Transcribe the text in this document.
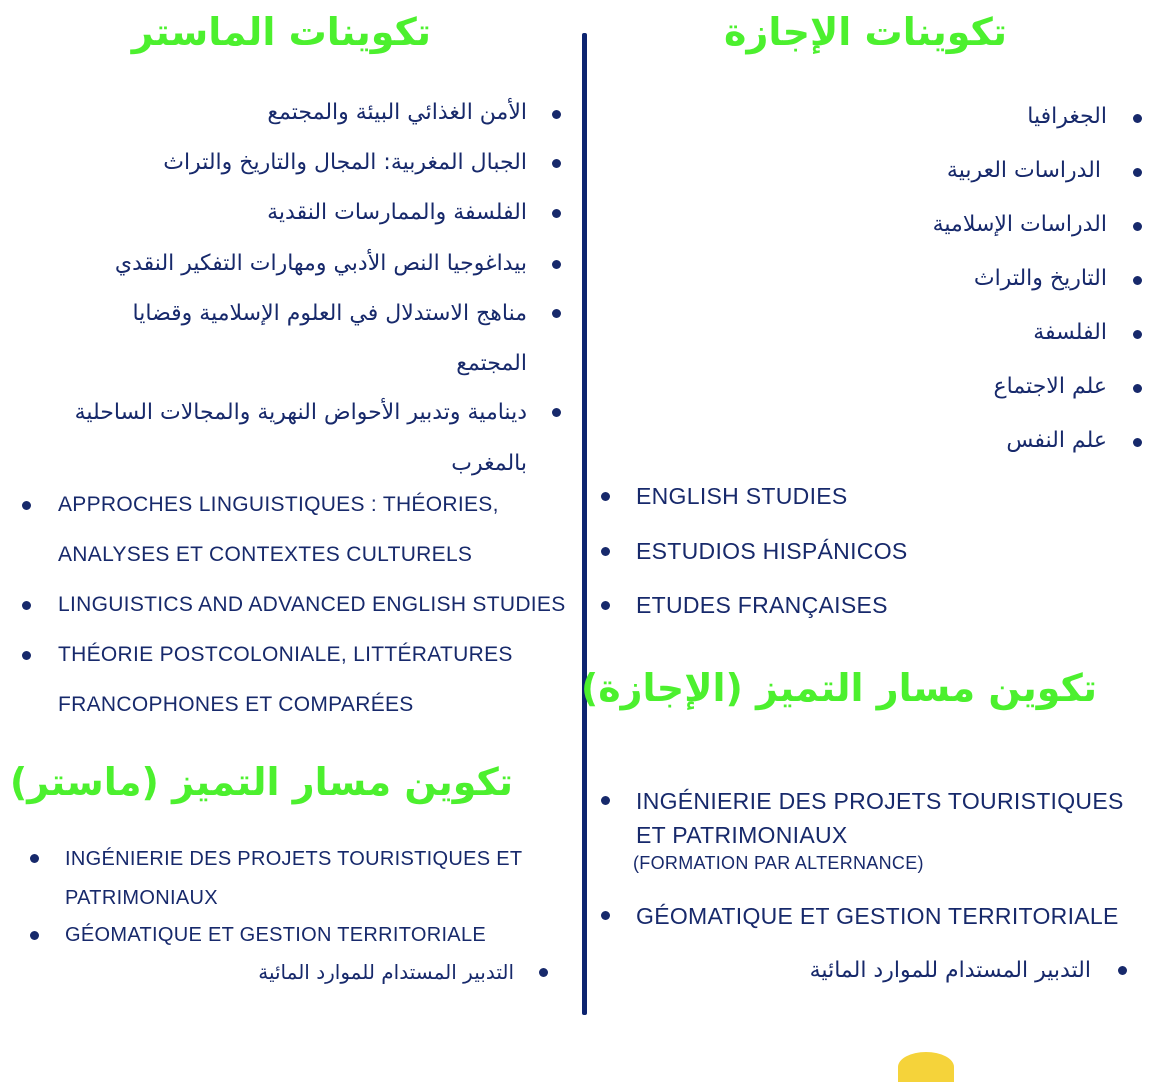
تكوينات الإجازة
الجغرافيا
الدراسات العربية
الدراسات الإسلامية
التاريخ والتراث
الفلسفة
علم الاجتماع
علم النفس
ENGLISH STUDIES
ESTUDIOS HISPÁNICOS
ETUDES FRANÇAISES
تكوين مسار التميز (الإجازة)
INGÉNIERIE DES PROJETS TOURISTIQUES
ET PATRIMONIAUX
(FORMATION PAR ALTERNANCE)
GÉOMATIQUE ET GESTION TERRITORIALE
التدبير المستدام للموارد المائية
تكوينات الماستر
الأمن الغذائي البيئة والمجتمع
الجبال المغربية: المجال والتاريخ والتراث
الفلسفة والممارسات النقدية
بيداغوجيا النص الأدبي ومهارات التفكير النقدي
مناهج الاستدلال في العلوم الإسلامية وقضايا
المجتمع
دينامية وتدبير الأحواض النهرية والمجالات الساحلية
بالمغرب
APPROCHES LINGUISTIQUES : THÉORIES,
ANALYSES ET CONTEXTES CULTURELS
LINGUISTICS AND ADVANCED ENGLISH STUDIES
THÉORIE POSTCOLONIALE, LITTÉRATURES
FRANCOPHONES ET COMPARÉES
تكوين مسار التميز (ماستر)
INGÉNIERIE DES PROJETS TOURISTIQUES ET
PATRIMONIAUX
GÉOMATIQUE ET GESTION TERRITORIALE
التدبير المستدام للموارد المائية
